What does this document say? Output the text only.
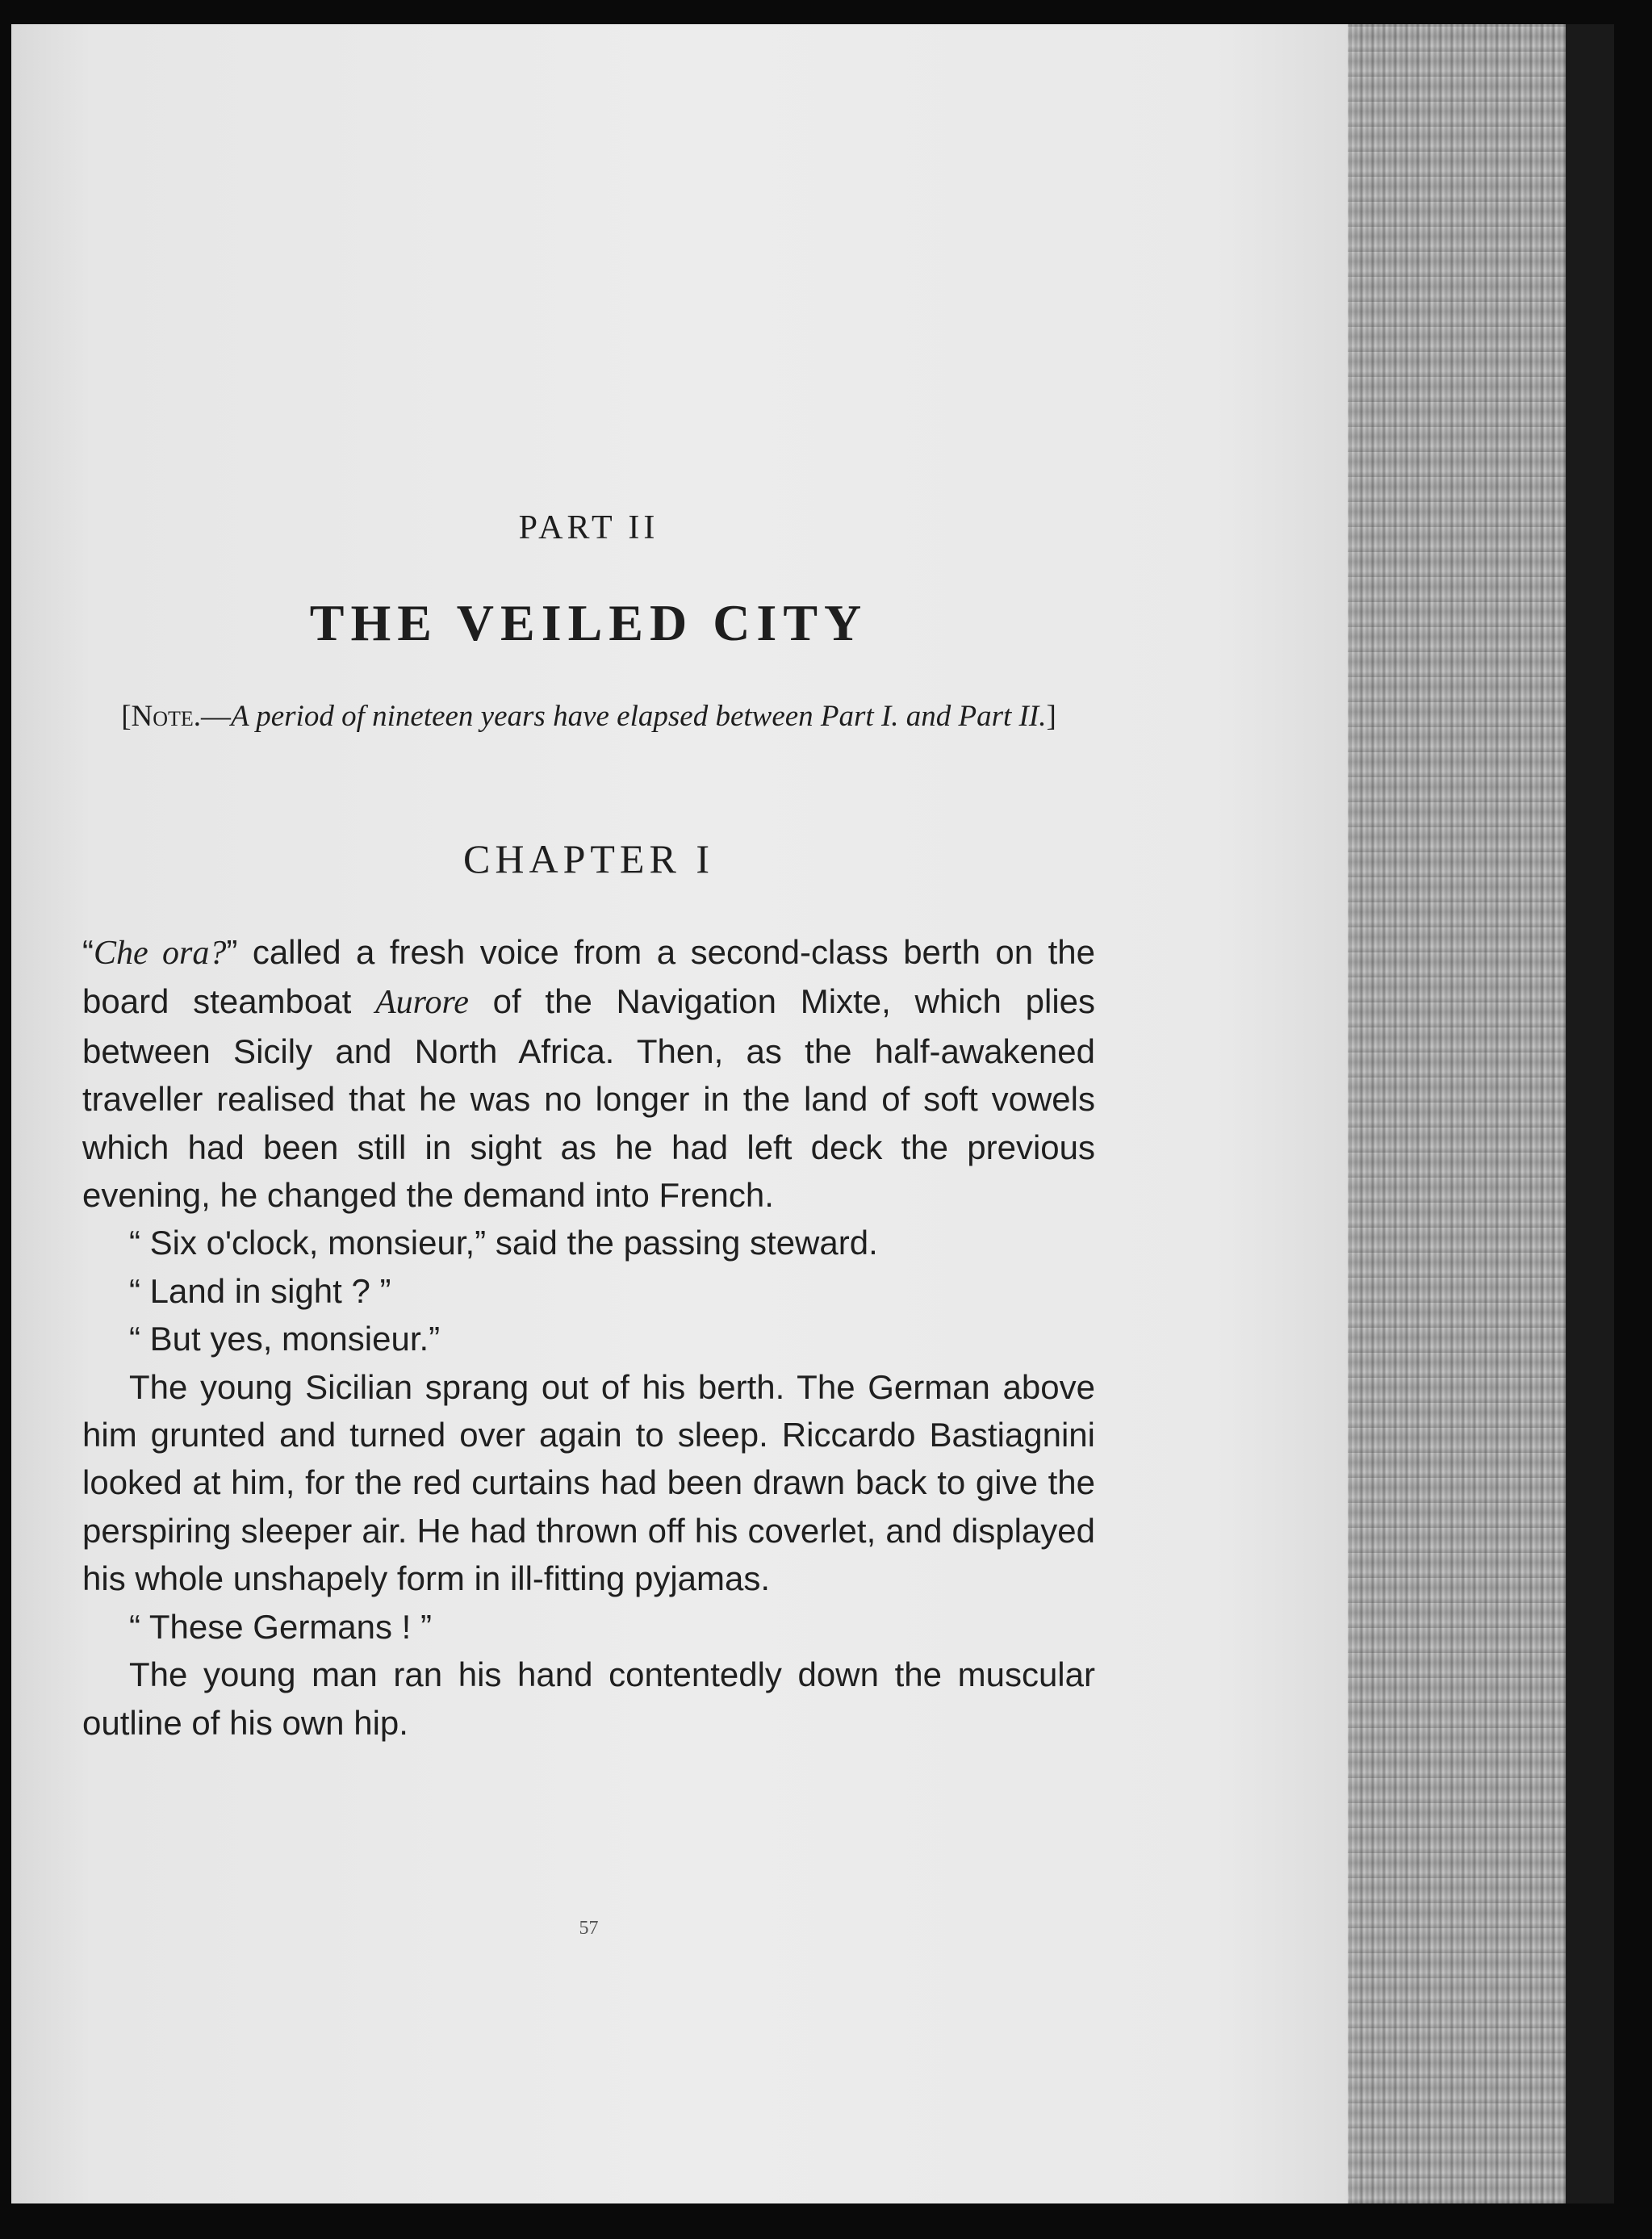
PART II
THE VEILED CITY
[Note.—A period of nineteen years have elapsed between Part I. and Part II.]
CHAPTER I

“Che ora?” called a fresh voice from a second-class berth on the board steamboat Aurore of the Navigation Mixte, which plies between Sicily and North Africa. Then, as the half-awakened traveller realised that he was no longer in the land of soft vowels which had been still in sight as he had left deck the previous evening, he changed the demand into French.

“ Six o'clock, monsieur,” said the passing steward.

“ Land in sight ? ”

“ But yes, monsieur.”

The young Sicilian sprang out of his berth. The German above him grunted and turned over again to sleep. Riccardo Bastiagnini looked at him, for the red curtains had been drawn back to give the perspiring sleeper air. He had thrown off his coverlet, and displayed his whole unshapely form in ill-fitting pyjamas.

“ These Germans ! ”

The young man ran his hand contentedly down the muscular outline of his own hip.

57
